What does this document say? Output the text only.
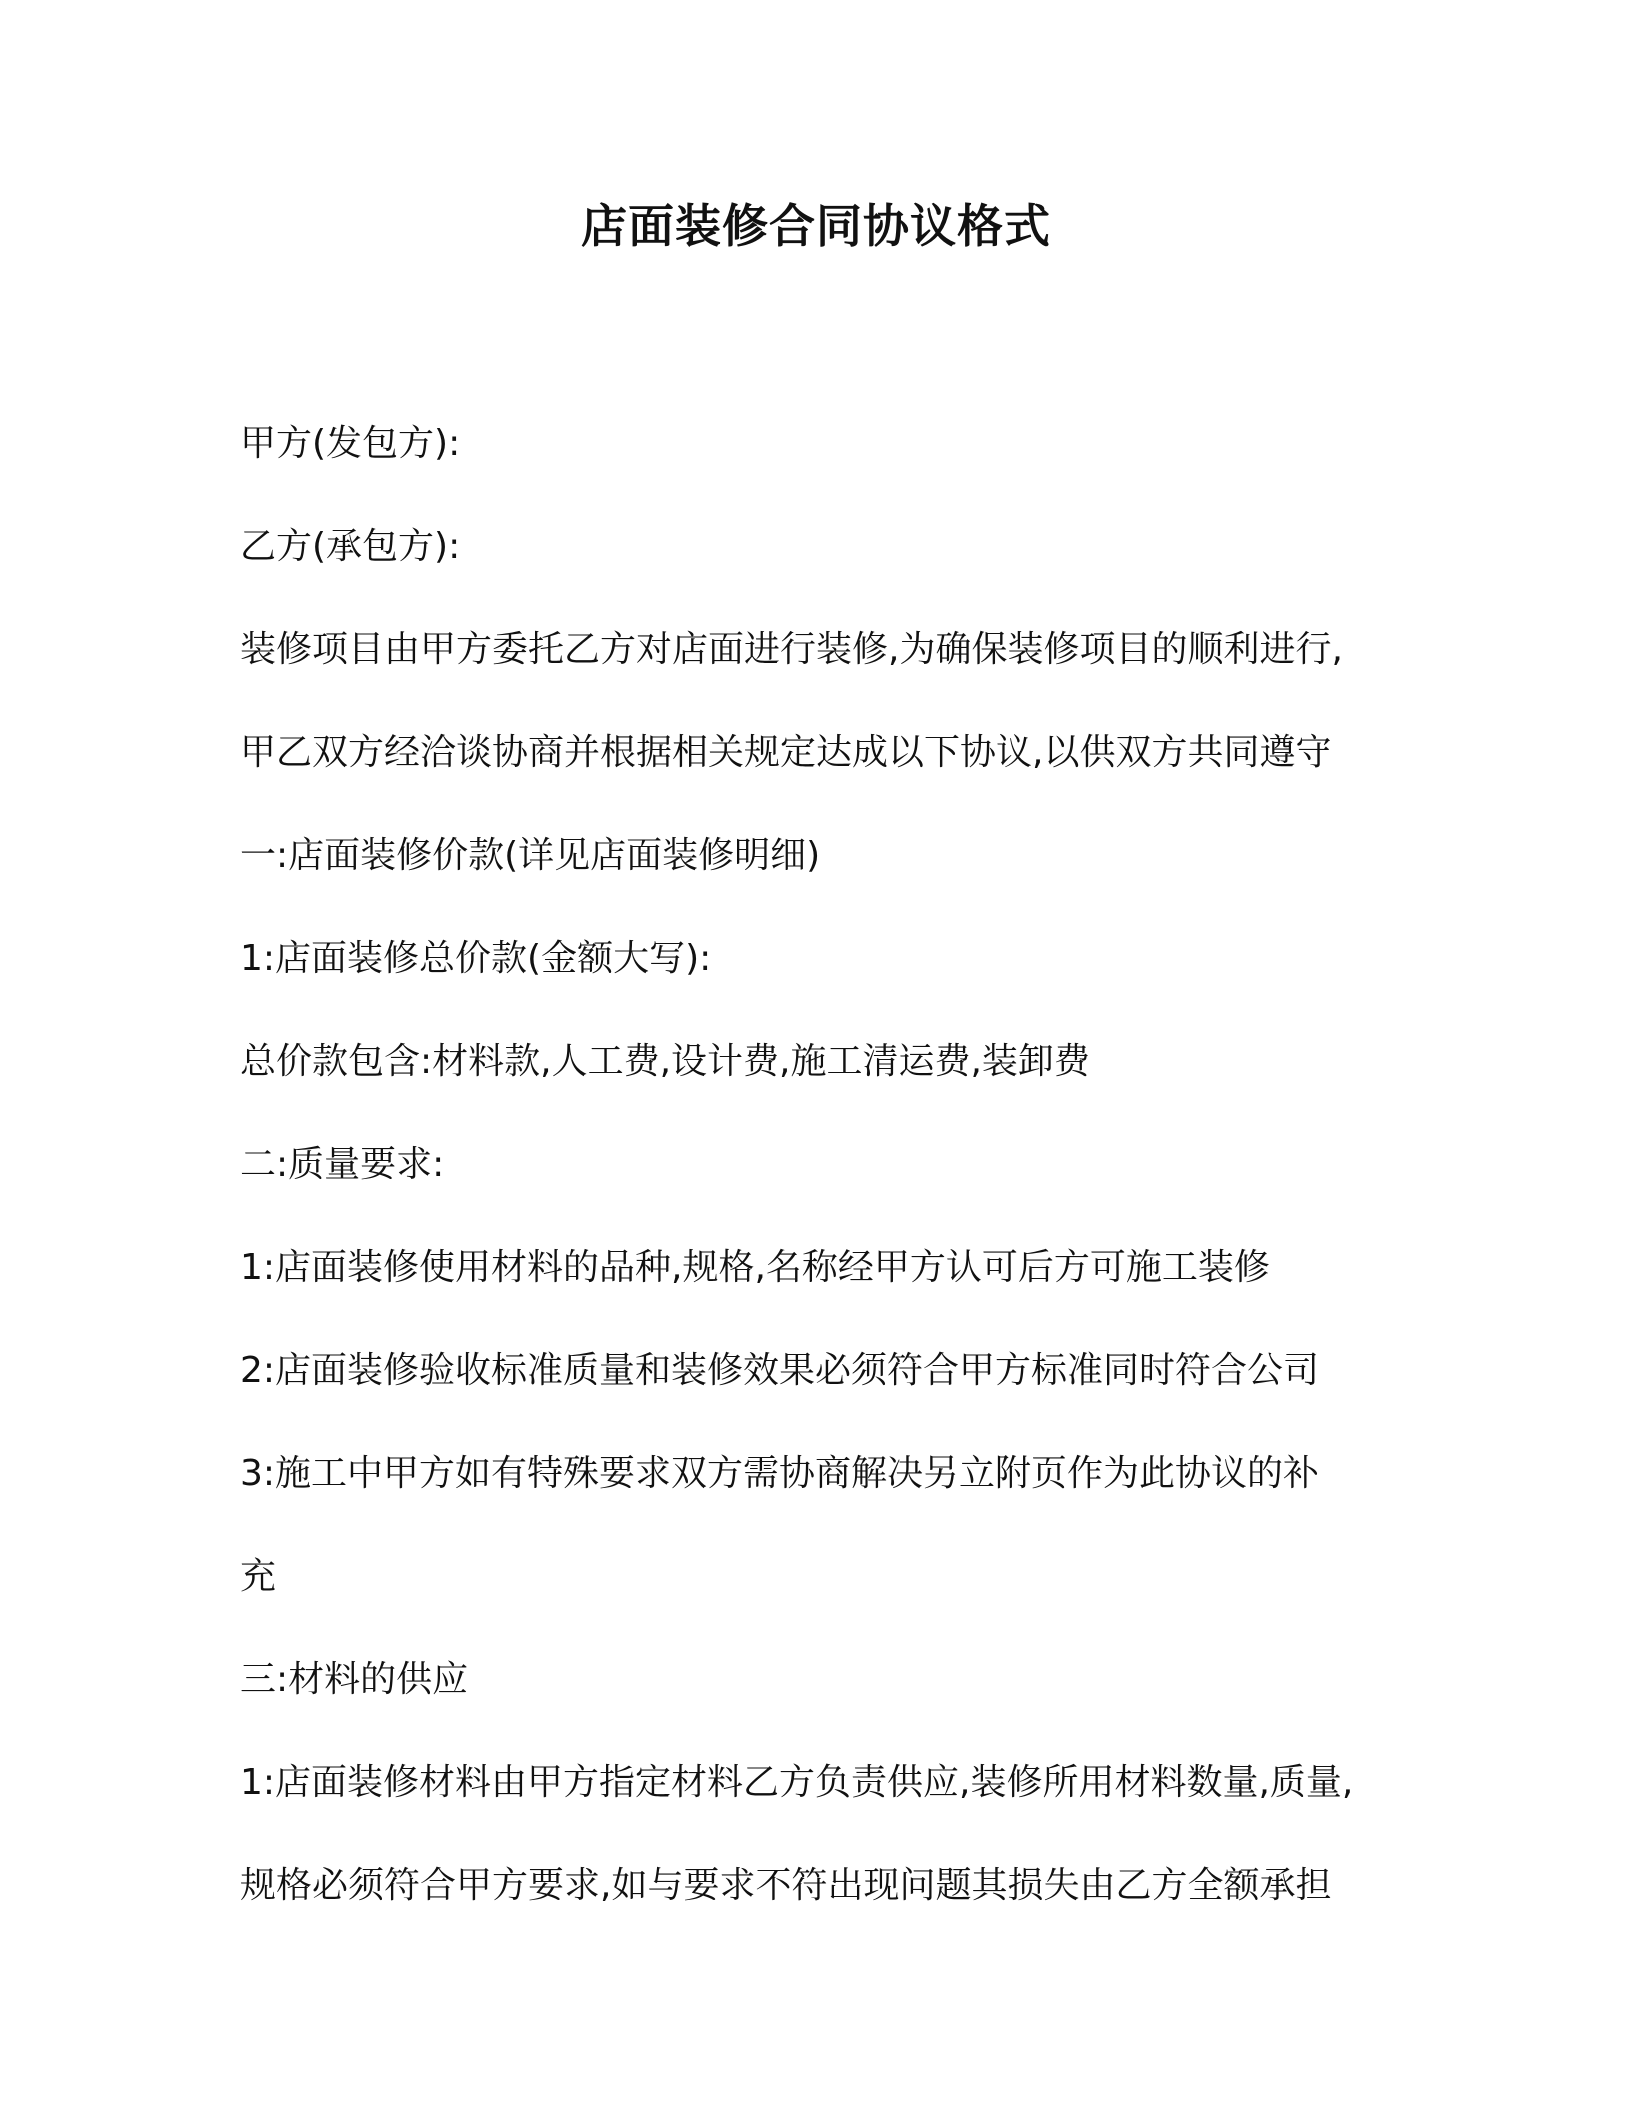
店面装修合同协议格式

甲方(发包方):

乙方(承包方):

装修项目由甲方委托乙方对店面进行装修,为确保装修项目的顺利进行,
甲乙双方经洽谈协商并根据相关规定达成以下协议,以供双方共同遵守

一:店面装修价款(详见店面装修明细)

1:店面装修总价款(金额大写):

总价款包含:材料款,人工费,设计费,施工清运费,装卸费

二:质量要求:

1:店面装修使用材料的品种,规格,名称经甲方认可后方可施工装修

2:店面装修验收标准质量和装修效果必须符合甲方标准同时符合公司

3:施工中甲方如有特殊要求双方需协商解决另立附页作为此协议的补
充

三:材料的供应

1:店面装修材料由甲方指定材料乙方负责供应,装修所用材料数量,质量,
规格必须符合甲方要求,如与要求不符出现问题其损失由乙方全额承担
